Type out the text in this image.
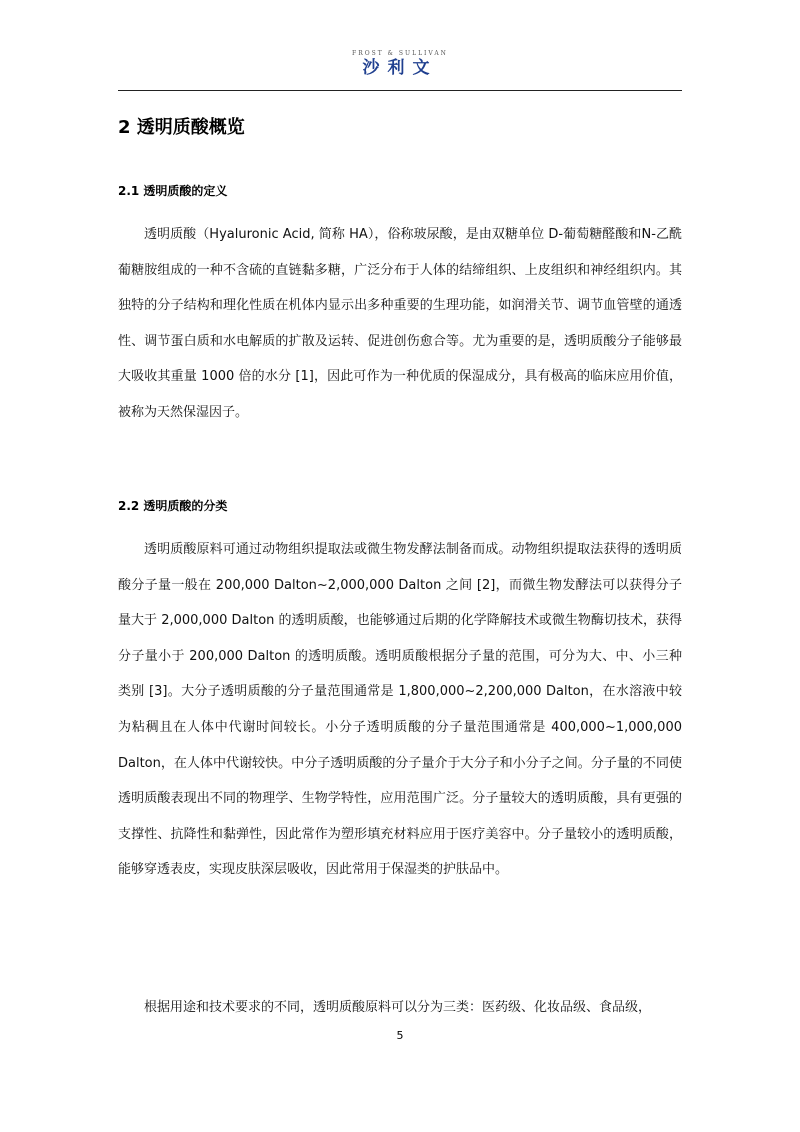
FROST & SULLIVAN
沙利文
2 透明质酸概览
2.1 透明质酸的定义

透明质酸（Hyaluronic Acid, 简称 HA），俗称玻尿酸，是由双糖单位 D-葡萄糖醛酸和N-乙酰葡糖胺组成的一种不含硫的直链黏多糖，广泛分布于人体的结缔组织、上皮组织和神经组织内。其独特的分子结构和理化性质在机体内显示出多种重要的生理功能，如润滑关节、调节血管壁的通透性、调节蛋白质和水电解质的扩散及运转、促进创伤愈合等。尤为重要的是，透明质酸分子能够最大吸收其重量 1000 倍的水分 [1]，因此可作为一种优质的保湿成分，具有极高的临床应用价值，被称为天然保湿因子。

2.2 透明质酸的分类

透明质酸原料可通过动物组织提取法或微生物发酵法制备而成。动物组织提取法获得的透明质酸分子量一般在 200,000 Dalton~2,000,000 Dalton 之间 [2]，而微生物发酵法可以获得分子量大于 2,000,000 Dalton 的透明质酸，也能够通过后期的化学降解技术或微生物酶切技术，获得分子量小于 200,000 Dalton 的透明质酸。透明质酸根据分子量的范围，可分为大、中、小三种类别 [3]。大分子透明质酸的分子量范围通常是 1,800,000~2,200,000 Dalton，在水溶液中较为粘稠且在人体中代谢时间较长。小分子透明质酸的分子量范围通常是 400,000~1,000,000 Dalton，在人体中代谢较快。中分子透明质酸的分子量介于大分子和小分子之间。分子量的不同使透明质酸表现出不同的物理学、生物学特性，应用范围广泛。分子量较大的透明质酸，具有更强的支撑性、抗降性和黏弹性，因此常作为塑形填充材料应用于医疗美容中。分子量较小的透明质酸，能够穿透表皮，实现皮肤深层吸收，因此常用于保湿类的护肤品中。

根据用途和技术要求的不同，透明质酸原料可以分为三类：医药级、化妆品级、食品级，

5
